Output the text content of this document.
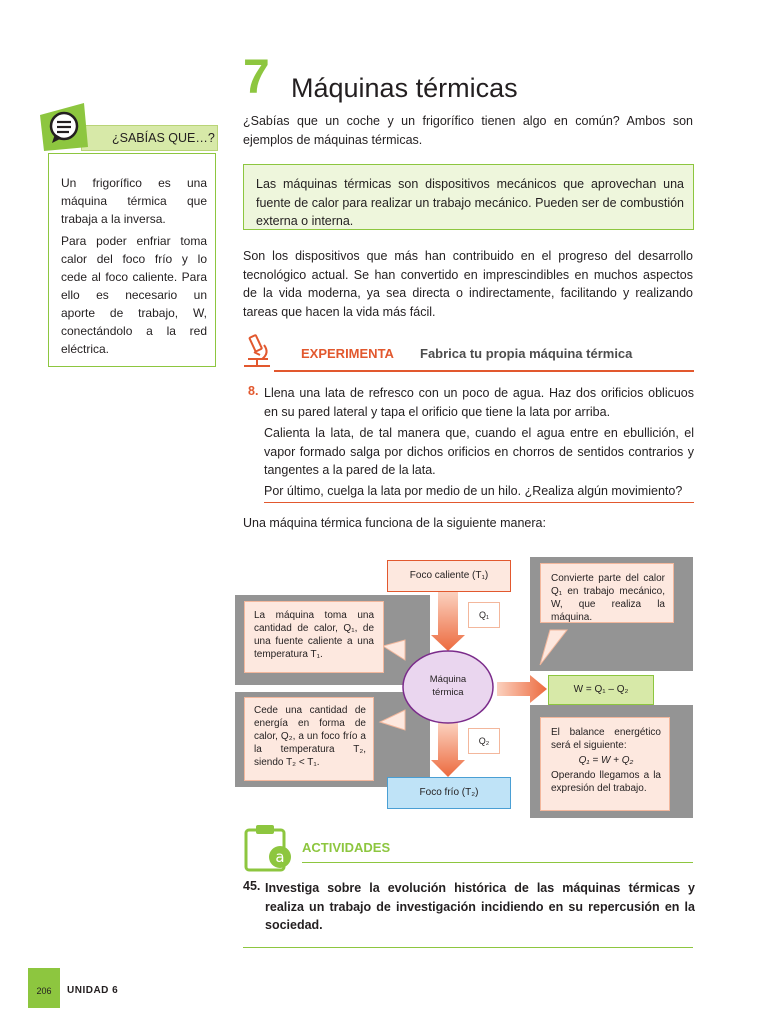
7 Máquinas térmicas
¿SABÍAS QUE…?

Un frigorífico es una máquina térmica que trabaja a la inversa.

Para poder enfriar toma
calor del foco frío y lo
cede al foco caliente. Para
ello es necesario un
aporte de trabajo, W,
conectándolo a la red
eléctrica.

¿Sabías que un coche y un frigorífico tienen algo en común? Ambos son ejemplos de máquinas térmicas.

Las máquinas térmicas son dispositivos mecánicos que aprovechan una fuente de calor para realizar un trabajo mecánico. Pueden ser de combustión externa o interna.

Son los dispositivos que más han contribuido en el progreso del desarrollo tecnológico actual. Se han convertido en imprescindibles en muchos aspectos de la vida moderna, ya sea directa o indirectamente, facilitando y realizando tareas que hacen la vida más fácil.

EXPERIMENTA Fabrica tu propia máquina térmica
8. Llena una lata de refresco con un poco de agua. Haz dos orificios oblicuos en su pared lateral y tapa el orificio que tiene la lata por arriba.

Calienta la lata, de tal manera que, cuando el agua entre en ebullición, el vapor formado salga por dichos orificios en chorros de sentidos contrarios y tangentes a la pared de la lata.

Por último, cuelga la lata por medio de un hilo. ¿Realiza algún movimiento?

Una máquina térmica funciona de la siguiente manera:

Foco caliente (T₁)
Foco frío (T₂)
Máquina
térmica
Q₁
Q₂
W = Q₁ – Q₂

La máquina toma una cantidad de calor, Q₁, de una fuente caliente a una temperatura T₁.

Cede una cantidad de energía en forma de calor, Q₂, a un foco frío a la temperatura T₂, siendo T₂ < T₁.

Convierte parte del calor Q₁ en trabajo mecánico, W, que realiza la máquina.

El balance energético será el siguiente:

Q₁ = W + Q₂

Operando llegamos a la expresión del trabajo.

a
ACTIVIDADES
45. Investiga sobre la evolución histórica de las máquinas térmicas y realiza un trabajo de investigación incidiendo en su repercusión en la sociedad.

206	UNIDAD 6
